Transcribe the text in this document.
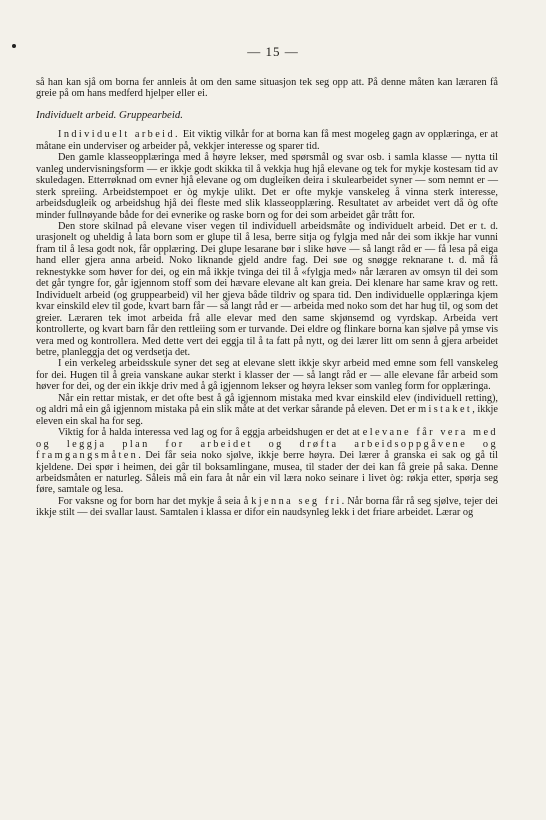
— 15 —

så han kan sjå om borna fer annleis åt om den same situasjon tek seg opp att. På denne måten kan læraren få greie på om hans medferd hjelper eller ei.

Individuelt arbeid. Gruppearbeid.

Individuelt arbeid. Eit viktig vilkår for at borna kan få mest mogeleg gagn av opplæringa, er at måtane ein underviser og arbeider på, vekkjer interesse og sparer tid.

Den gamle klasseopplæringa med å høyre lekser, med spørsmål og svar osb. i samla klasse — nytta til vanleg undervisningsform — er ikkje godt skikka til å vekkja hug hjå elevane og tek for mykje kostesam tid av skuledagen. Etterrøknad om evner hjå elevane og om dugleiken deira i skulearbeidet syner — som nemnt er — sterk spreiing. Arbeidstempoet er òg mykje ulikt. Det er ofte mykje vanskeleg å vinna sterk interesse, arbeidsdugleik og arbeidshug hjå dei fleste med slik klasseopplæring. Resultatet av arbeidet vert då òg ofte minder fullnøyande både for dei evnerike og raske born og for dei som arbeidet går trått for.

Den store skilnad på elevane viser vegen til individuell arbeidsmåte og individuelt arbeid. Det er t. d. urasjonelt og uheldig å lata born som er glupe til å lesa, berre sitja og fylgja med når dei som ikkje har vunni fram til å lesa godt nok, får opplæring. Dei glupe lesarane bør i slike høve — så langt råd er — få lesa på eiga hand eller gjera anna arbeid. Noko liknande gjeld andre fag. Dei søe og snøgge reknarane t. d. må få reknestykke som høver for dei, og ein må ikkje tvinga dei til å «fylgja med» når læraren av omsyn til dei som det går tyngre for, går igjennom stoff som dei hævare elevane alt kan greia. Dei klenare har same krav og rett. Individuelt arbeid (og gruppearbeid) vil her gjeva både tildriv og spara tid. Den individuelle opplæringa kjem kvar einskild elev til gode, kvart barn får — så langt råd er — arbeida med noko som det har hug til, og som det greier. Læraren tek imot arbeida frå alle elevar med den same skjønsemd og vyrdskap. Arbeida vert kontrollerte, og kvart barn får den rettleiing som er turvande. Dei eldre og flinkare borna kan sjølve på ymse vis vera med og kontrollera. Med dette vert dei eggja til å ta fatt på nytt, og dei lærer litt om senn å gjera arbeidet betre, planleggja det og verdsetja det.

I ein verkeleg arbeidsskule syner det seg at elevane slett ikkje skyr arbeid med emne som fell vanskeleg for dei. Hugen til å greia vanskane aukar sterkt i klasser der — så langt råd er — alle elevane får arbeid som høver for dei, og der ein ikkje driv med å gå igjennom lekser og høyra lekser som vanleg form for opplæringa.

Når ein rettar mistak, er det ofte best å gå igjennom mistaka med kvar einskild elev (individuell retting), og aldri må ein gå igjennom mistaka på ein slik måte at det verkar sårande på eleven. Det er mistaket, ikkje eleven ein skal ha for seg.

Viktig for å halda interessa ved lag og for å eggja arbeidshugen er det at elevane får vera med og leggja plan for arbeidet og drøfta arbeidsoppgåvene og framgangsmåten. Dei får seia noko sjølve, ikkje berre høyra. Dei lærer å granska ei sak og gå til kjeldene. Dei spør i heimen, dei går til boksamlingane, musea, til stader der dei kan få greie på saka. Denne arbeidsmåten er naturleg. Såleis må ein fara åt når ein vil læra noko seinare i livet òg: røkja etter, spørja seg føre, samtale og lesa.

For vaksne og for born har det mykje å seia å kjenna seg fri. Når borna får rå seg sjølve, tejer dei ikkje stilt — dei svallar laust. Samtalen i klassa er difor ein naudsynleg lekk i det friare arbeidet. Lærar og
